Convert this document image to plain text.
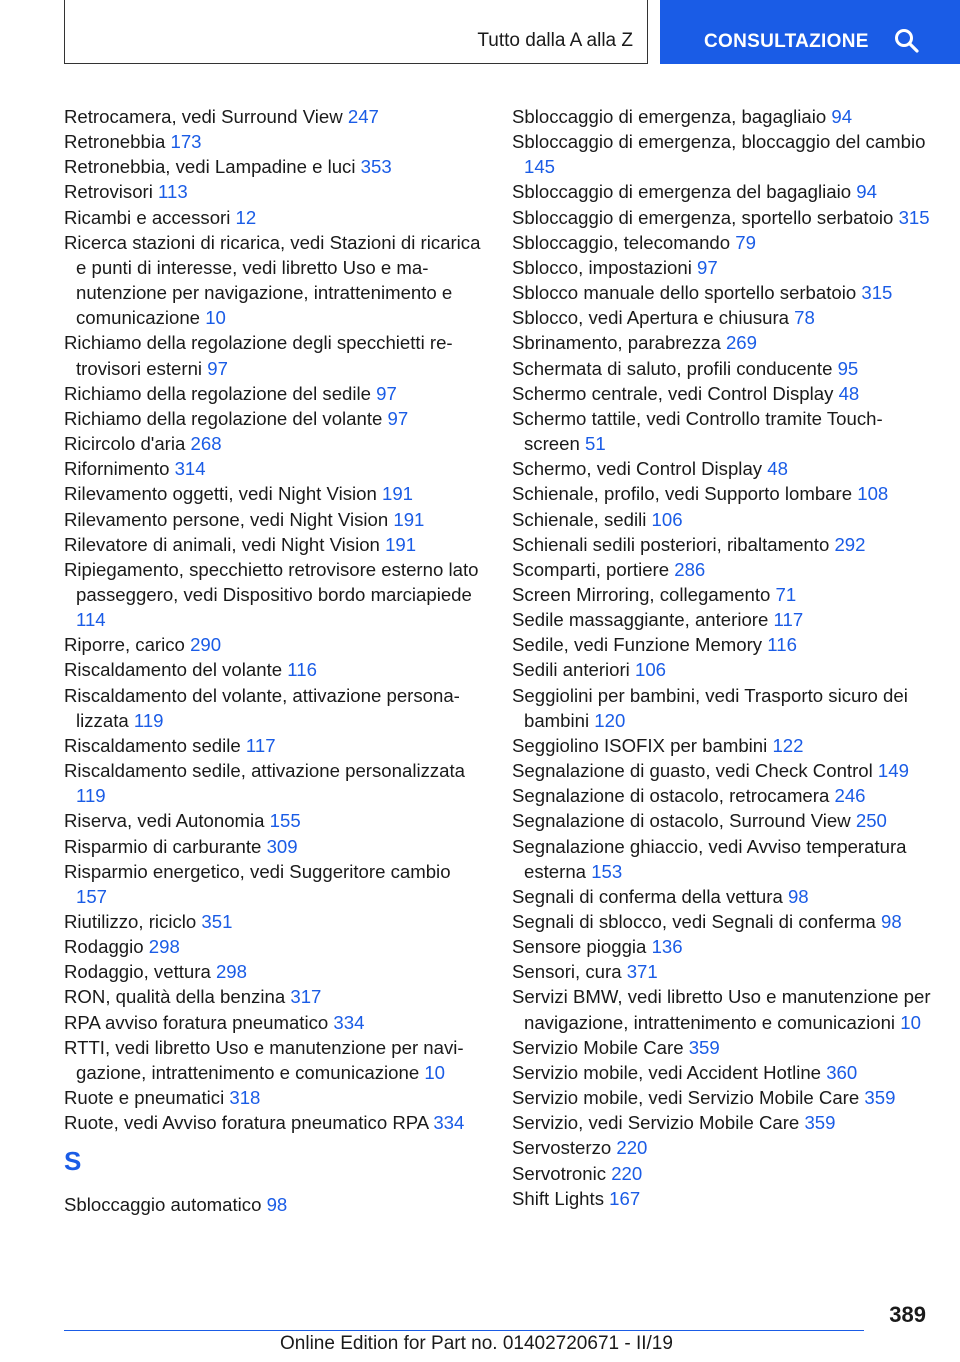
Tutto dalla A alla Z	CONSULTAZIONE
Retrocamera, vedi Surround View 247
Retronebbia 173
Retronebbia, vedi Lampadine e luci 353
Retrovisori 113
Ricambi e accessori 12
Ricerca stazioni di ricarica, vedi Stazioni di ricarica e punti di interesse, vedi libretto Uso e manutenzione per navigazione, intrattenimento e comunicazione 10
Richiamo della regolazione degli specchietti retrovisori esterni 97
Richiamo della regolazione del sedile 97
Richiamo della regolazione del volante 97
Ricircolo d'aria 268
Rifornimento 314
Rilevamento oggetti, vedi Night Vision 191
Rilevamento persone, vedi Night Vision 191
Rilevatore di animali, vedi Night Vision 191
Ripiegamento, specchietto retrovisore esterno lato passeggero, vedi Dispositivo bordo marciapiede 114
Riporre, carico 290
Riscaldamento del volante 116
Riscaldamento del volante, attivazione personalizzata 119
Riscaldamento sedile 117
Riscaldamento sedile, attivazione personalizzata 119
Riserva, vedi Autonomia 155
Risparmio di carburante 309
Risparmio energetico, vedi Suggeritore cambio 157
Riutilizzo, riciclo 351
Rodaggio 298
Rodaggio, vettura 298
RON, qualità della benzina 317
RPA avviso foratura pneumatico 334
RTTI, vedi libretto Uso e manutenzione per navigazione, intrattenimento e comunicazione 10
Ruote e pneumatici 318
Ruote, vedi Avviso foratura pneumatico RPA 334
S
Sbloccaggio automatico 98
Sbloccaggio di emergenza, bagagliaio 94
Sbloccaggio di emergenza, bloccaggio del cambio 145
Sbloccaggio di emergenza del bagagliaio 94
Sbloccaggio di emergenza, sportello serbatoio 315
Sbloccaggio, telecomando 79
Sblocco, impostazioni 97
Sblocco manuale dello sportello serbatoio 315
Sblocco, vedi Apertura e chiusura 78
Sbrinamento, parabrezza 269
Schermata di saluto, profili conducente 95
Schermo centrale, vedi Control Display 48
Schermo tattile, vedi Controllo tramite Touchscreen 51
Schermo, vedi Control Display 48
Schienale, profilo, vedi Supporto lombare 108
Schienale, sedili 106
Schienali sedili posteriori, ribaltamento 292
Scomparti, portiere 286
Screen Mirroring, collegamento 71
Sedile massaggiante, anteriore 117
Sedile, vedi Funzione Memory 116
Sedili anteriori 106
Seggiolini per bambini, vedi Trasporto sicuro dei bambini 120
Seggiolino ISOFIX per bambini 122
Segnalazione di guasto, vedi Check Control 149
Segnalazione di ostacolo, retrocamera 246
Segnalazione di ostacolo, Surround View 250
Segnalazione ghiaccio, vedi Avviso temperatura esterna 153
Segnali di conferma della vettura 98
Segnali di sblocco, vedi Segnali di conferma 98
Sensore pioggia 136
Sensori, cura 371
Servizi BMW, vedi libretto Uso e manutenzione per navigazione, intrattenimento e comunicazioni 10
Servizio Mobile Care 359
Servizio mobile, vedi Accident Hotline 360
Servizio mobile, vedi Servizio Mobile Care 359
Servizio, vedi Servizio Mobile Care 359
Servosterzo 220
Servotronic 220
Shift Lights 167
389
Online Edition for Part no. 01402720671 - II/19
